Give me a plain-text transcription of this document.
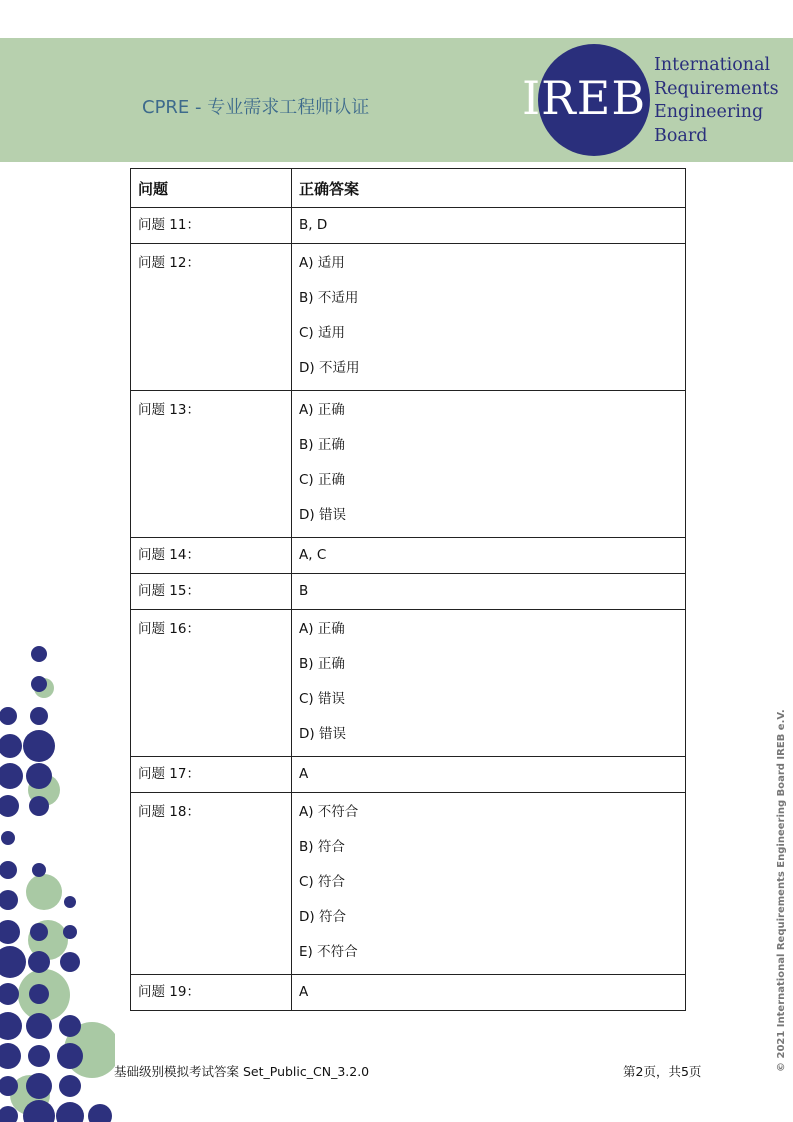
CPRE - 专业需求工程师认证	IREB
International
Requirements
Engineering
Board
问题	正确答案

问题 11：	B, D

问题 12：	A) 适用
B) 不适用
C) 适用
D) 不适用

问题 13：	A) 正确
B) 正确
C) 正确
D) 错误

问题 14：	A, C

问题 15：	B

问题 16：	A) 正确
B) 正确
C) 错误
D) 错误

问题 17：	A

问题 18：	A) 不符合
B) 符合
C) 符合
D) 符合
E) 不符合

问题 19：	A
基础级别模拟考试答案 Set_Public_CN_3.2.0	第2页，共5页	© 2021 International Requirements Engineering Board IREB e.V.
